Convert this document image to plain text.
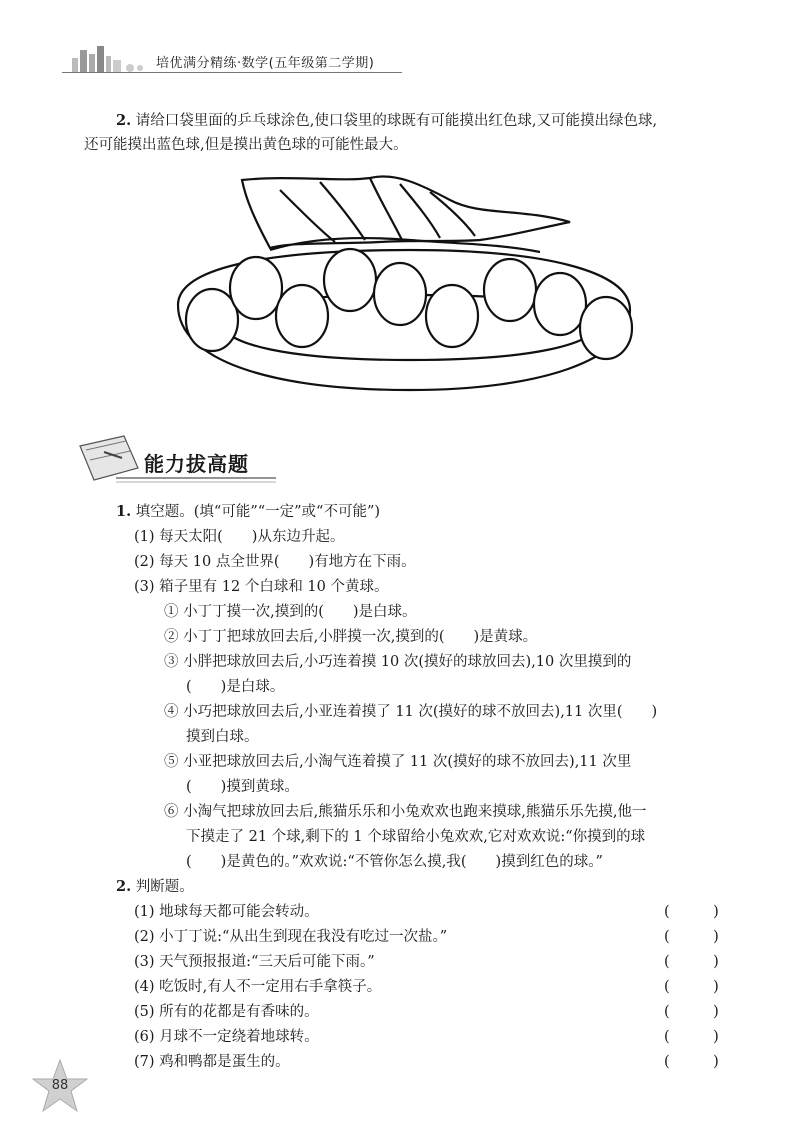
培优满分精练·数学(五年级第二学期)
2. 请给口袋里面的乒乓球涂色,使口袋里的球既有可能摸出红色球,又可能摸出绿色球,
还可能摸出蓝色球,但是摸出黄色球的可能性最大。
能力拔高题
1. 填空题。(填“可能”“一定”或“不可能”)
(1) 每天太阳(　　)从东边升起。
(2) 每天 10 点全世界(　　)有地方在下雨。
(3) 箱子里有 12 个白球和 10 个黄球。
① 小丁丁摸一次,摸到的(　　)是白球。
② 小丁丁把球放回去后,小胖摸一次,摸到的(　　)是黄球。
③ 小胖把球放回去后,小巧连着摸 10 次(摸好的球放回去),10 次里摸到的
(　　)是白球。
④ 小巧把球放回去后,小亚连着摸了 11 次(摸好的球不放回去),11 次里(　　)
摸到白球。
⑤ 小亚把球放回去后,小淘气连着摸了 11 次(摸好的球不放回去),11 次里
(　　)摸到黄球。
⑥ 小淘气把球放回去后,熊猫乐乐和小兔欢欢也跑来摸球,熊猫乐乐先摸,他一
下摸走了 21 个球,剩下的 1 个球留给小兔欢欢,它对欢欢说:“你摸到的球
(　　)是黄色的。”欢欢说:“不管你怎么摸,我(　　)摸到红色的球。”
2. 判断题。
(1) 地球每天都可能会转动。	(　　　)
(2) 小丁丁说:“从出生到现在我没有吃过一次盐。”	(　　　)
(3) 天气预报报道:“三天后可能下雨。”	(　　　)
(4) 吃饭时,有人不一定用右手拿筷子。	(　　　)
(5) 所有的花都是有香味的。	(　　　)
(6) 月球不一定绕着地球转。	(　　　)
(7) 鸡和鸭都是蛋生的。	(　　　)
88
